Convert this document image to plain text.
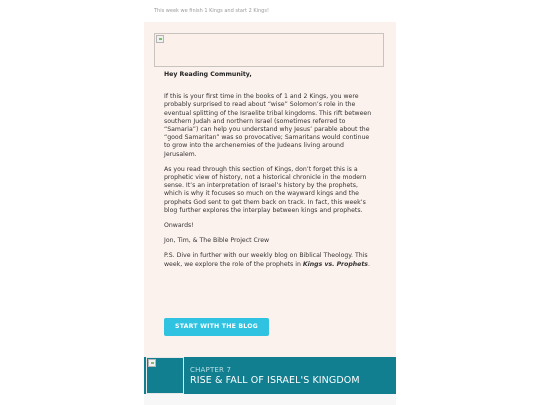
This week we finish 1 Kings and start 2 Kings!

Hey Reading Community,

If this is your first time in the books of 1 and 2 Kings, you were probably surprised to read about “wise” Solomon’s role in the eventual splitting of the Israelite tribal kingdoms. This rift between southern Judah and northern Israel (sometimes referred to “Samaria”) can help you understand why Jesus’ parable about the “good Samaritan” was so provocative; Samaritans would continue to grow into the archenemies of the Judeans living around Jerusalem.

As you read through this section of Kings, don’t forget this is a prophetic view of history, not a historical chronicle in the modern sense. It’s an interpretation of Israel’s history by the prophets, which is why it focuses so much on the wayward kings and the prophets God sent to get them back on track. In fact, this week’s blog further explores the interplay between kings and prophets.

Onwards!

Jon, Tim, & The Bible Project Crew

P.S. Dive in further with our weekly blog on Biblical Theology. This week, we explore the role of the prophets in Kings vs. Prophets.

START WITH THE BLOG
CHAPTER 7
RISE & FALL OF ISRAEL'S KINGDOM
